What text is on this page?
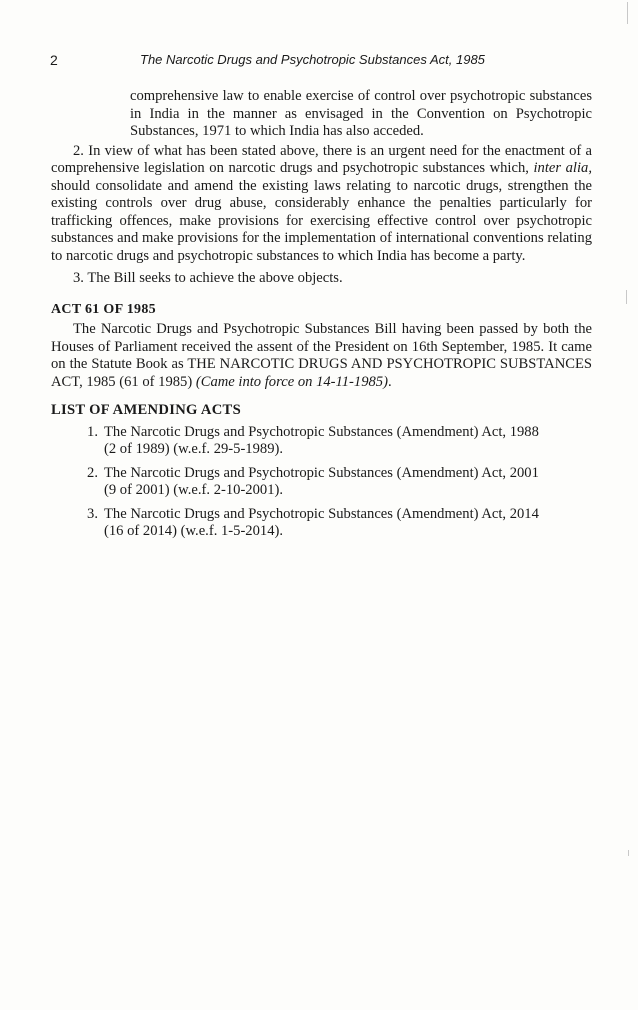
2	The Narcotic Drugs and Psychotropic Substances Act, 1985

comprehensive law to enable exercise of control over psychotropic substances in India in the manner as envisaged in the Convention on Psychotropic Substances, 1971 to which India has also acceded.

2. In view of what has been stated above, there is an urgent need for the enactment of a comprehensive legislation on narcotic drugs and psychotropic substances which, inter alia, should consolidate and amend the existing laws relating to narcotic drugs, strengthen the existing controls over drug abuse, considerably enhance the penalties particularly for trafficking offences, make provisions for exercising effective control over psychotropic substances and make provisions for the implementation of international conventions relating to narcotic drugs and psychotropic substances to which India has become a party.

3. The Bill seeks to achieve the above objects.

ACT 61 OF 1985

The Narcotic Drugs and Psychotropic Substances Bill having been passed by both the Houses of Parliament received the assent of the President on 16th September, 1985. It came on the Statute Book as THE NARCOTIC DRUGS AND PSYCHOTROPIC SUBSTANCES ACT, 1985 (61 of 1985) (Came into force on 14-11-1985).

LIST OF AMENDING ACTS
1. The Narcotic Drugs and Psychotropic Substances (Amendment) Act, 1988
(2 of 1989) (w.e.f. 29-5-1989).
2. The Narcotic Drugs and Psychotropic Substances (Amendment) Act, 2001
(9 of 2001) (w.e.f. 2-10-2001).
3. The Narcotic Drugs and Psychotropic Substances (Amendment) Act, 2014
(16 of 2014) (w.e.f. 1-5-2014).
